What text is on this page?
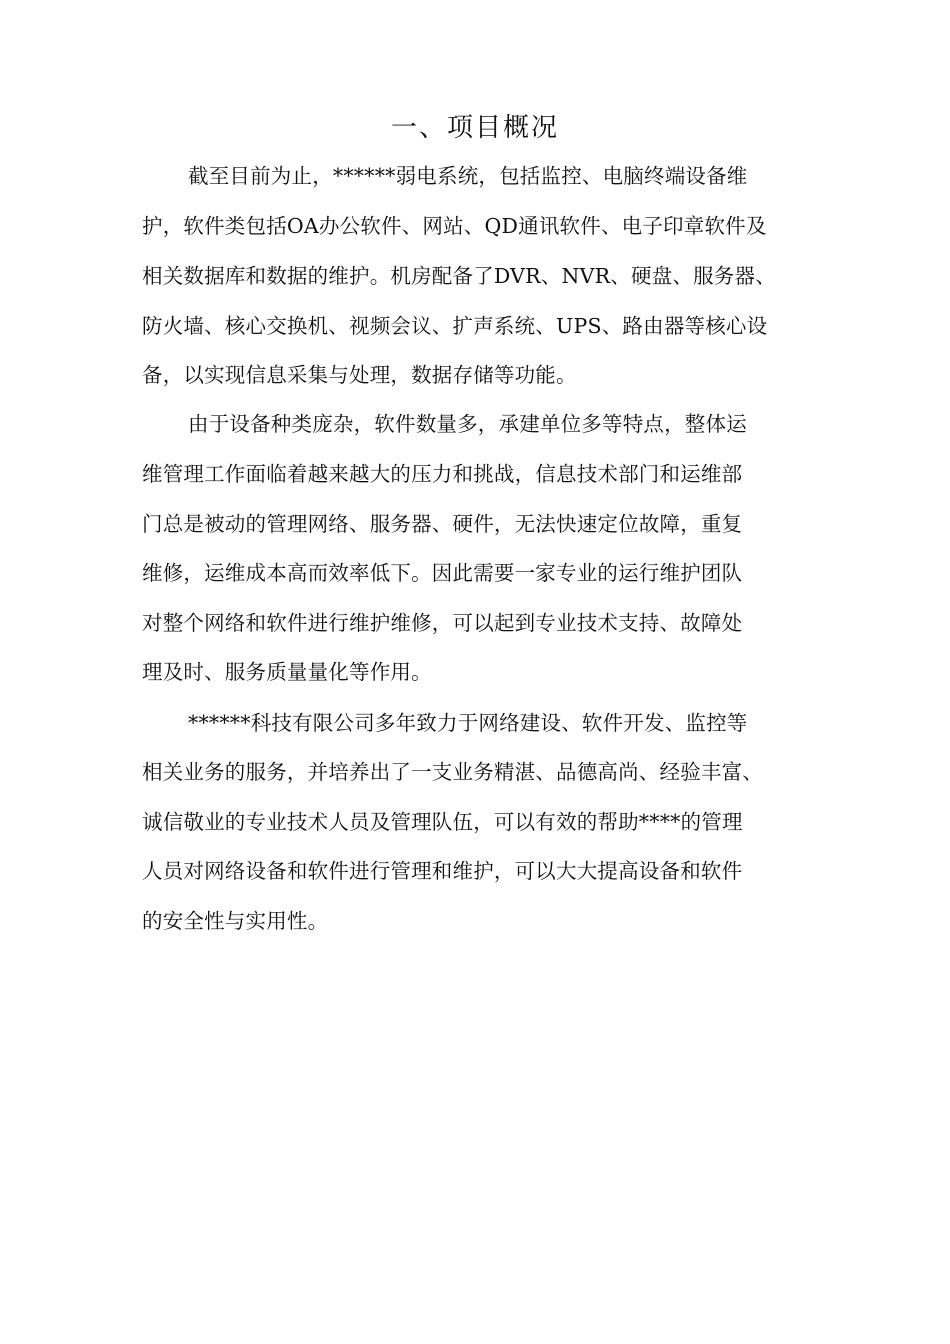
一、项目概况
截至目前为止，******弱电系统，包括监控、电脑终端设备维
护，软件类包括OA办公软件、网站、QD通讯软件、电子印章软件及
相关数据库和数据的维护。机房配备了DVR、NVR、硬盘、服务器、
防火墙、核心交换机、视频会议、扩声系统、UPS、路由器等核心设
备，以实现信息采集与处理，数据存储等功能。
由于设备种类庞杂，软件数量多，承建单位多等特点，整体运
维管理工作面临着越来越大的压力和挑战，信息技术部门和运维部
门总是被动的管理网络、服务器、硬件，无法快速定位故障，重复
维修，运维成本高而效率低下。因此需要一家专业的运行维护团队
对整个网络和软件进行维护维修，可以起到专业技术支持、故障处
理及时、服务质量量化等作用。
******科技有限公司多年致力于网络建设、软件开发、监控等
相关业务的服务，并培养出了一支业务精湛、品德高尚、经验丰富、
诚信敬业的专业技术人员及管理队伍，可以有效的帮助****的管理
人员对网络设备和软件进行管理和维护，可以大大提高设备和软件
的安全性与实用性。
